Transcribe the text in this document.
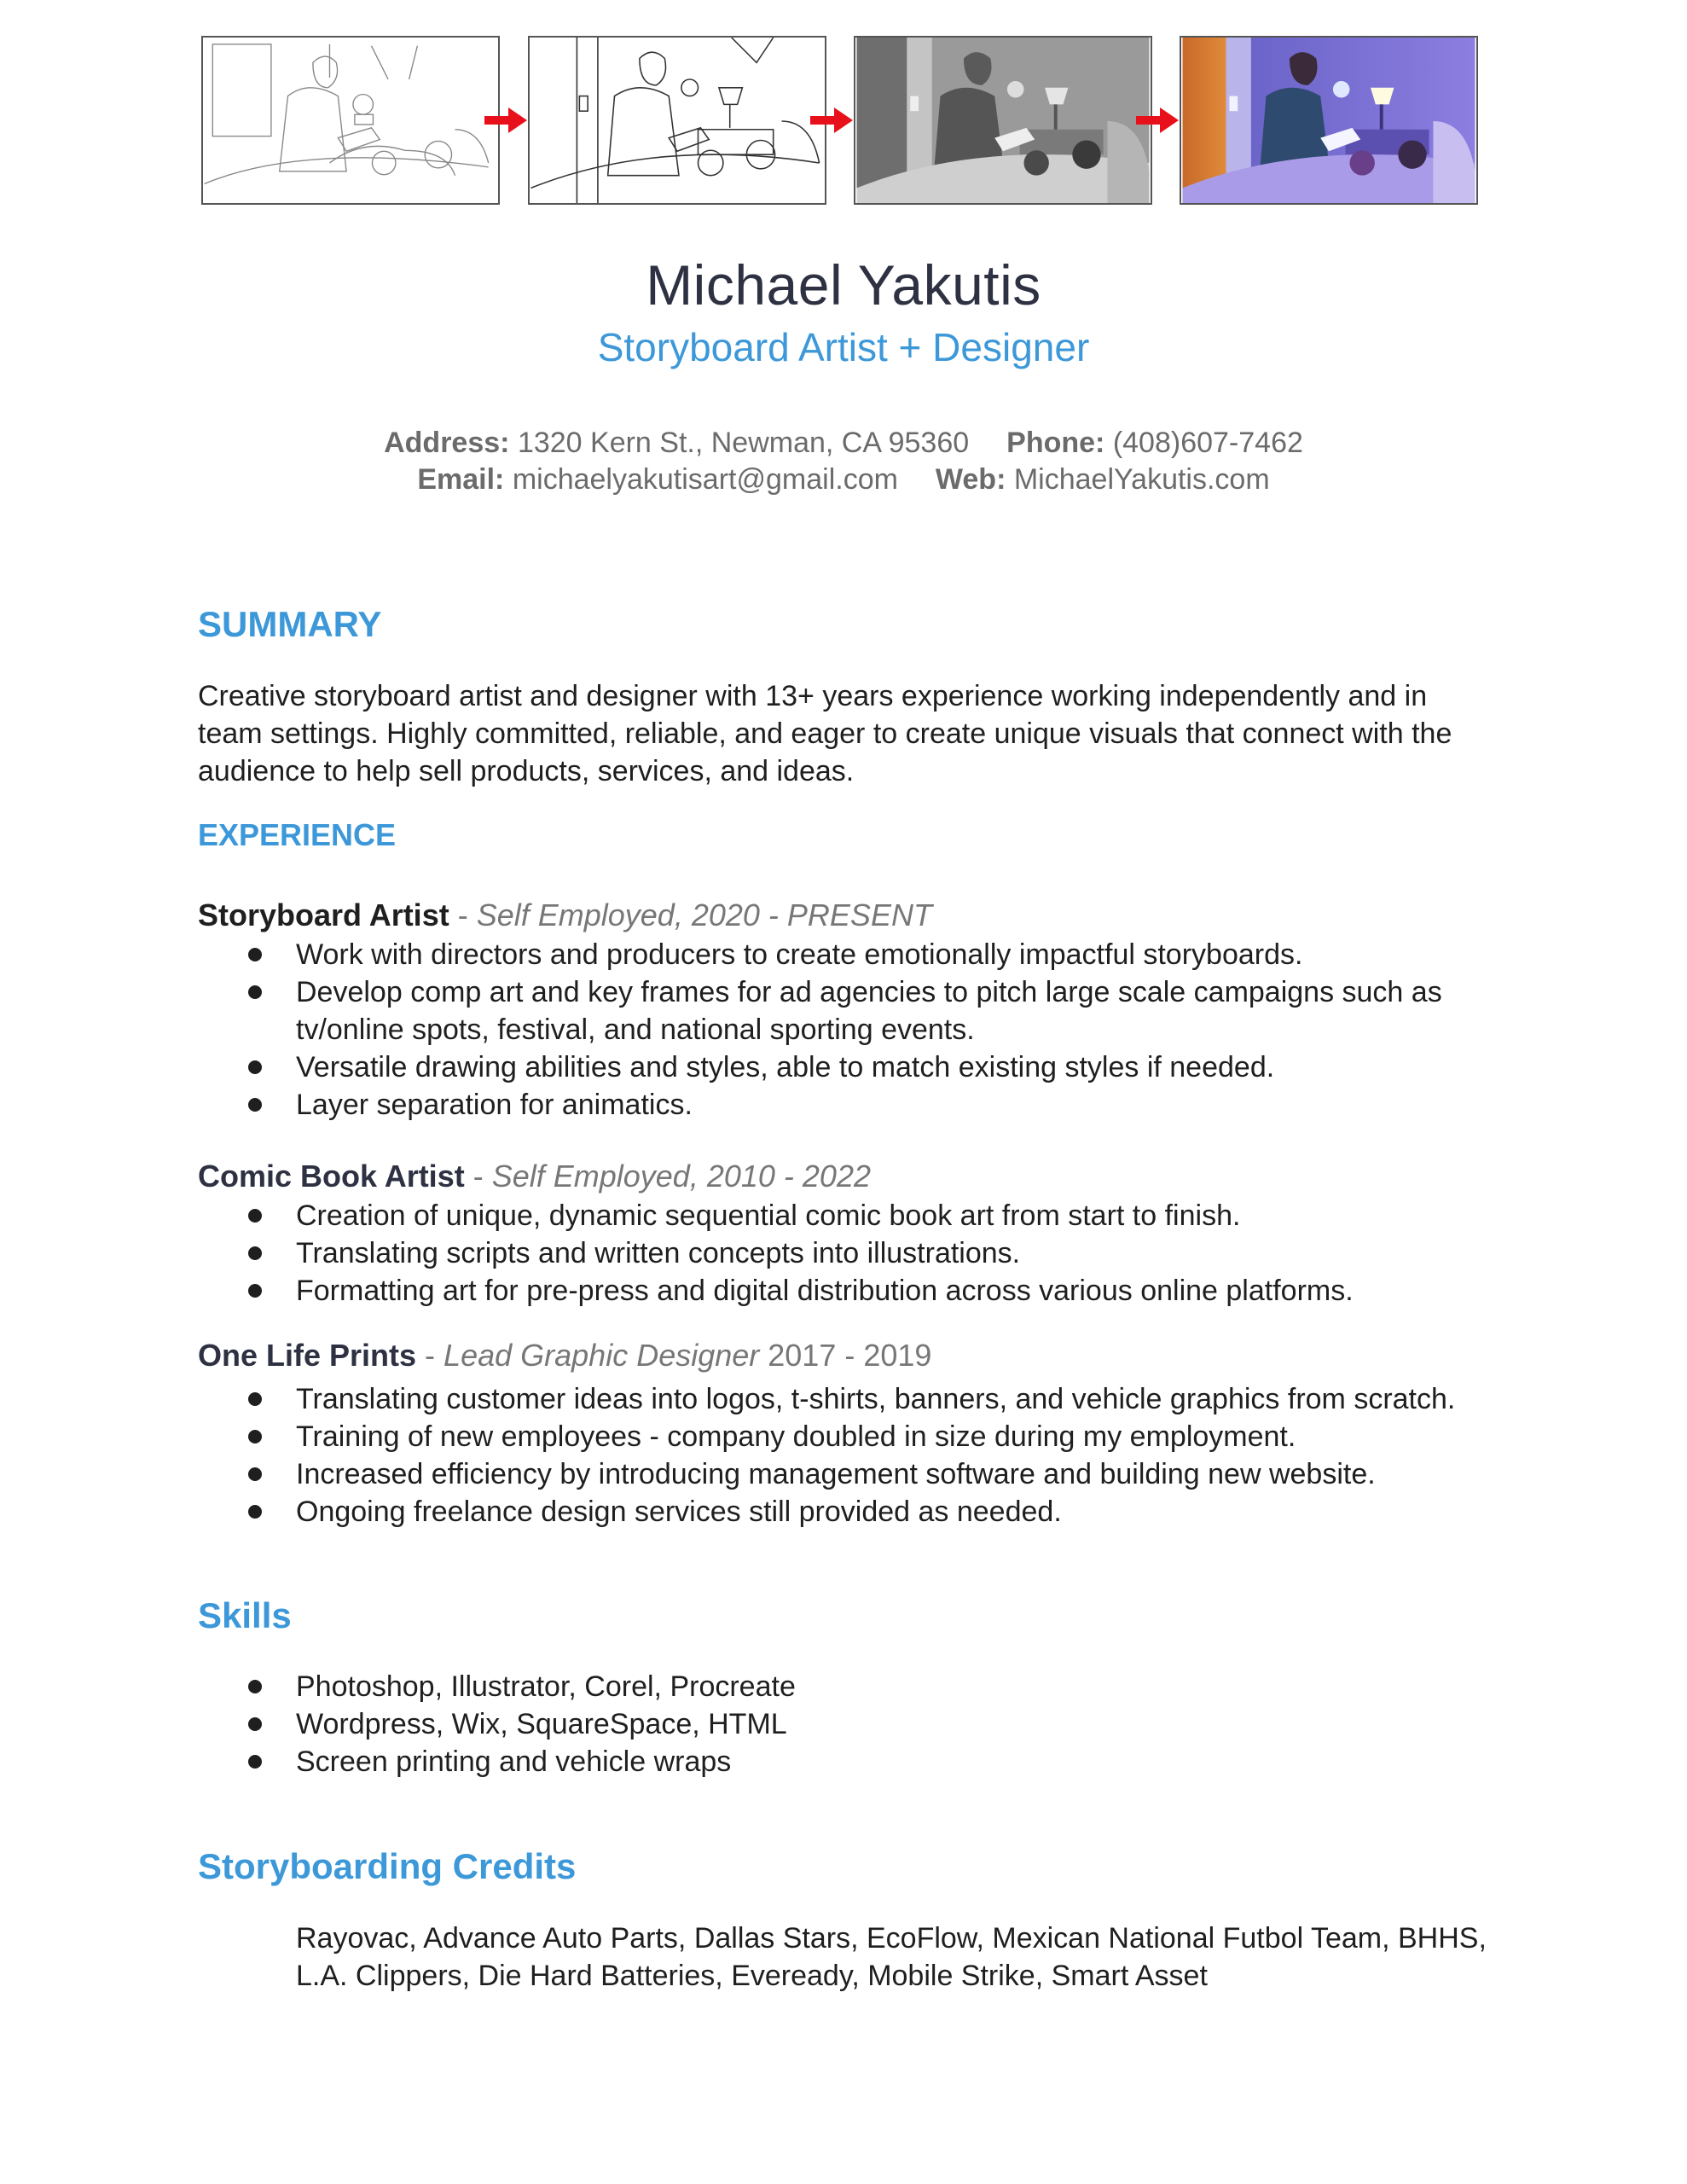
Michael Yakutis
Storyboard Artist + Designer
Address: 1320 Kern St., Newman, CA 95360 Phone: (408)607-7462
Email: michaelyakutisart@gmail.com Web: MichaelYakutis.com
SUMMARY
Creative storyboard artist and designer with 13+ years experience working independently and in team settings. Highly committed, reliable, and eager to create unique visuals that connect with the audience to help sell products, services, and ideas.
EXPERIENCE
Storyboard Artist - Self Employed, 2020 - PRESENT
Work with directors and producers to create emotionally impactful storyboards.
Develop comp art and key frames for ad agencies to pitch large scale campaigns such as tv/online spots, festival, and national sporting events.
Versatile drawing abilities and styles, able to match existing styles if needed.
Layer separation for animatics.
Comic Book Artist - Self Employed, 2010 - 2022
Creation of unique, dynamic sequential comic book art from start to finish.
Translating scripts and written concepts into illustrations.
Formatting art for pre-press and digital distribution across various online platforms.
One Life Prints - Lead Graphic Designer 2017 - 2019
Translating customer ideas into logos, t-shirts, banners, and vehicle graphics from scratch.
Training of new employees - company doubled in size during my employment.
Increased efficiency by introducing management software and building new website.
Ongoing freelance design services still provided as needed.
Skills
Photoshop, Illustrator, Corel, Procreate
Wordpress, Wix, SquareSpace, HTML
Screen printing and vehicle wraps
Storyboarding Credits
Rayovac, Advance Auto Parts, Dallas Stars, EcoFlow, Mexican National Futbol Team, BHHS, L.A. Clippers, Die Hard Batteries, Eveready, Mobile Strike, Smart Asset
